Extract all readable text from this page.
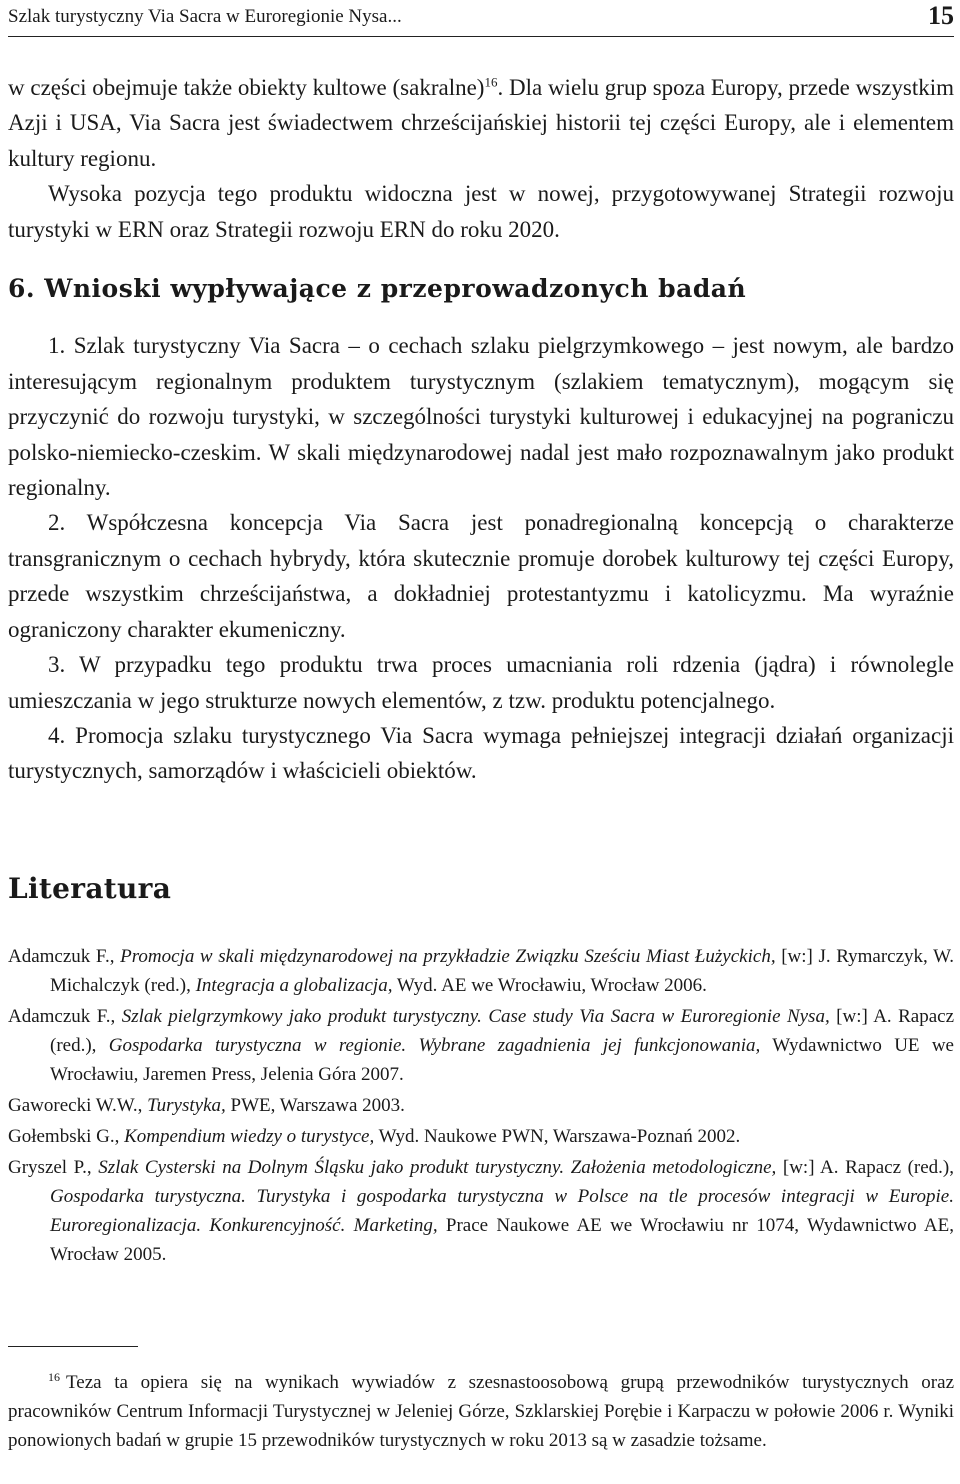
Szlak turystyczny Via Sacra w Euroregionie Nysa...	15

w części obejmuje także obiekty kultowe (sakralne)$^{16}$. Dla wielu grup spoza Europy, przede wszystkim Azji i USA, Via Sacra jest świadectwem chrześcijańskiej historii tej części Europy, ale i elementem kultury regionu.

Wysoka pozycja tego produktu widoczna jest w nowej, przygotowywanej Strategii rozwoju turystyki w ERN oraz Strategii rozwoju ERN do roku 2020.

6. Wnioski wypływające z przeprowadzonych badań

1. Szlak turystyczny Via Sacra – o cechach szlaku pielgrzymkowego – jest nowym, ale bardzo interesującym regionalnym produktem turystycznym (szlakiem tematycznym), mogącym się przyczynić do rozwoju turystyki, w szczególności turystyki kulturowej i edukacyjnej na pograniczu polsko-niemiecko-czeskim. W skali międzynarodowej nadal jest mało rozpoznawalnym jako produkt regionalny.

2. Współczesna koncepcja Via Sacra jest ponadregionalną koncepcją o charakterze transgranicznym o cechach hybrydy, która skutecznie promuje dorobek kulturowy tej części Europy, przede wszystkim chrześcijaństwa, a dokładniej protestantyzmu i katolicyzmu. Ma wyraźnie ograniczony charakter ekumeniczny.

3. W przypadku tego produktu trwa proces umacniania roli rdzenia (jądra) i równolegle umieszczania w jego strukturze nowych elementów, z tzw. produktu potencjalnego.

4. Promocja szlaku turystycznego Via Sacra wymaga pełniejszej integracji działań organizacji turystycznych, samorządów i właścicieli obiektów.

Literatura

Adamczuk F., Promocja w skali międzynarodowej na przykładzie Związku Sześciu Miast Łużyckich, [w:] J. Rymarczyk, W. Michalczyk (red.), Integracja a globalizacja, Wyd. AE we Wrocławiu, Wrocław 2006.

Adamczuk F., Szlak pielgrzymkowy jako produkt turystyczny. Case study Via Sacra w Euroregionie Nysa, [w:] A. Rapacz (red.), Gospodarka turystyczna w regionie. Wybrane zagadnienia jej funkcjonowania, Wydawnictwo UE we Wrocławiu, Jaremen Press, Jelenia Góra 2007.

Gaworecki W.W., Turystyka, PWE, Warszawa 2003.

Gołembski G., Kompendium wiedzy o turystyce, Wyd. Naukowe PWN, Warszawa-Poznań 2002.

Gryszel P., Szlak Cysterski na Dolnym Śląsku jako produkt turystyczny. Założenia metodologiczne, [w:] A. Rapacz (red.), Gospodarka turystyczna. Turystyka i gospodarka turystyczna w Polsce na tle procesów integracji w Europie. Euroregionalizacja. Konkurencyjność. Marketing, Prace Naukowe AE we Wrocławiu nr 1074, Wydawnictwo AE, Wrocław 2005.

$^{16}$ Teza ta opiera się na wynikach wywiadów z szesnastoosobową grupą przewodników turystycznych oraz pracowników Centrum Informacji Turystycznej w Jeleniej Górze, Szklarskiej Porębie i Karpaczu w połowie 2006 r. Wyniki ponowionych badań w grupie 15 przewodników turystycznych w roku 2013 są w zasadzie tożsame.
